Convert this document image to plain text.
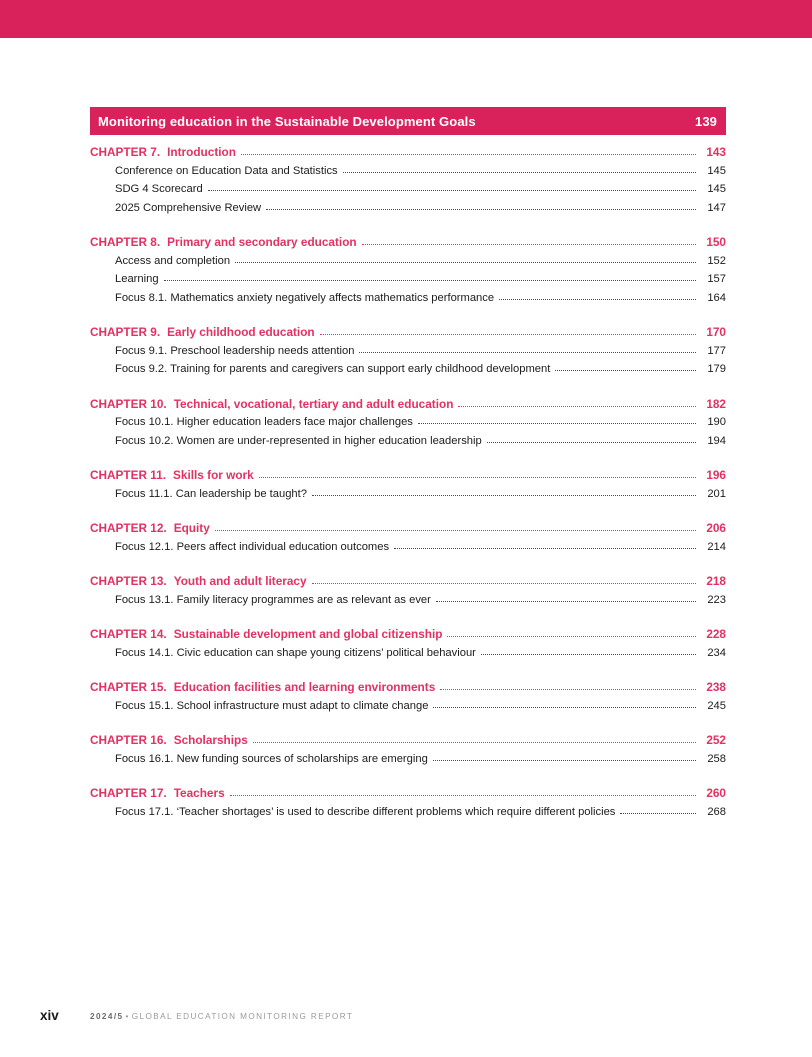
Monitoring education in the Sustainable Development Goals	139
CHAPTER 7. Introduction	143
Conference on Education Data and Statistics	145
SDG 4 Scorecard	145
2025 Comprehensive Review	147
CHAPTER 8. Primary and secondary education	150
Access and completion	152
Learning	157
Focus 8.1. Mathematics anxiety negatively affects mathematics performance	164
CHAPTER 9. Early childhood education	170
Focus 9.1. Preschool leadership needs attention	177
Focus 9.2. Training for parents and caregivers can support early childhood development	179
CHAPTER 10. Technical, vocational, tertiary and adult education	182
Focus 10.1. Higher education leaders face major challenges	190
Focus 10.2. Women are under-represented in higher education leadership	194
CHAPTER 11. Skills for work	196
Focus 11.1. Can leadership be taught?	201
CHAPTER 12. Equity	206
Focus 12.1. Peers affect individual education outcomes	214
CHAPTER 13. Youth and adult literacy	218
Focus 13.1. Family literacy programmes are as relevant as ever	223
CHAPTER 14. Sustainable development and global citizenship	228
Focus 14.1. Civic education can shape young citizens’ political behaviour	234
CHAPTER 15. Education facilities and learning environments	238
Focus 15.1. School infrastructure must adapt to climate change	245
CHAPTER 16. Scholarships	252
Focus 16.1. New funding sources of scholarships are emerging	258
CHAPTER 17. Teachers	260
Focus 17.1. ‘Teacher shortages’ is used to describe different problems which require different policies	268
xiv	2024/5 • GLOBAL EDUCATION MONITORING REPORT
